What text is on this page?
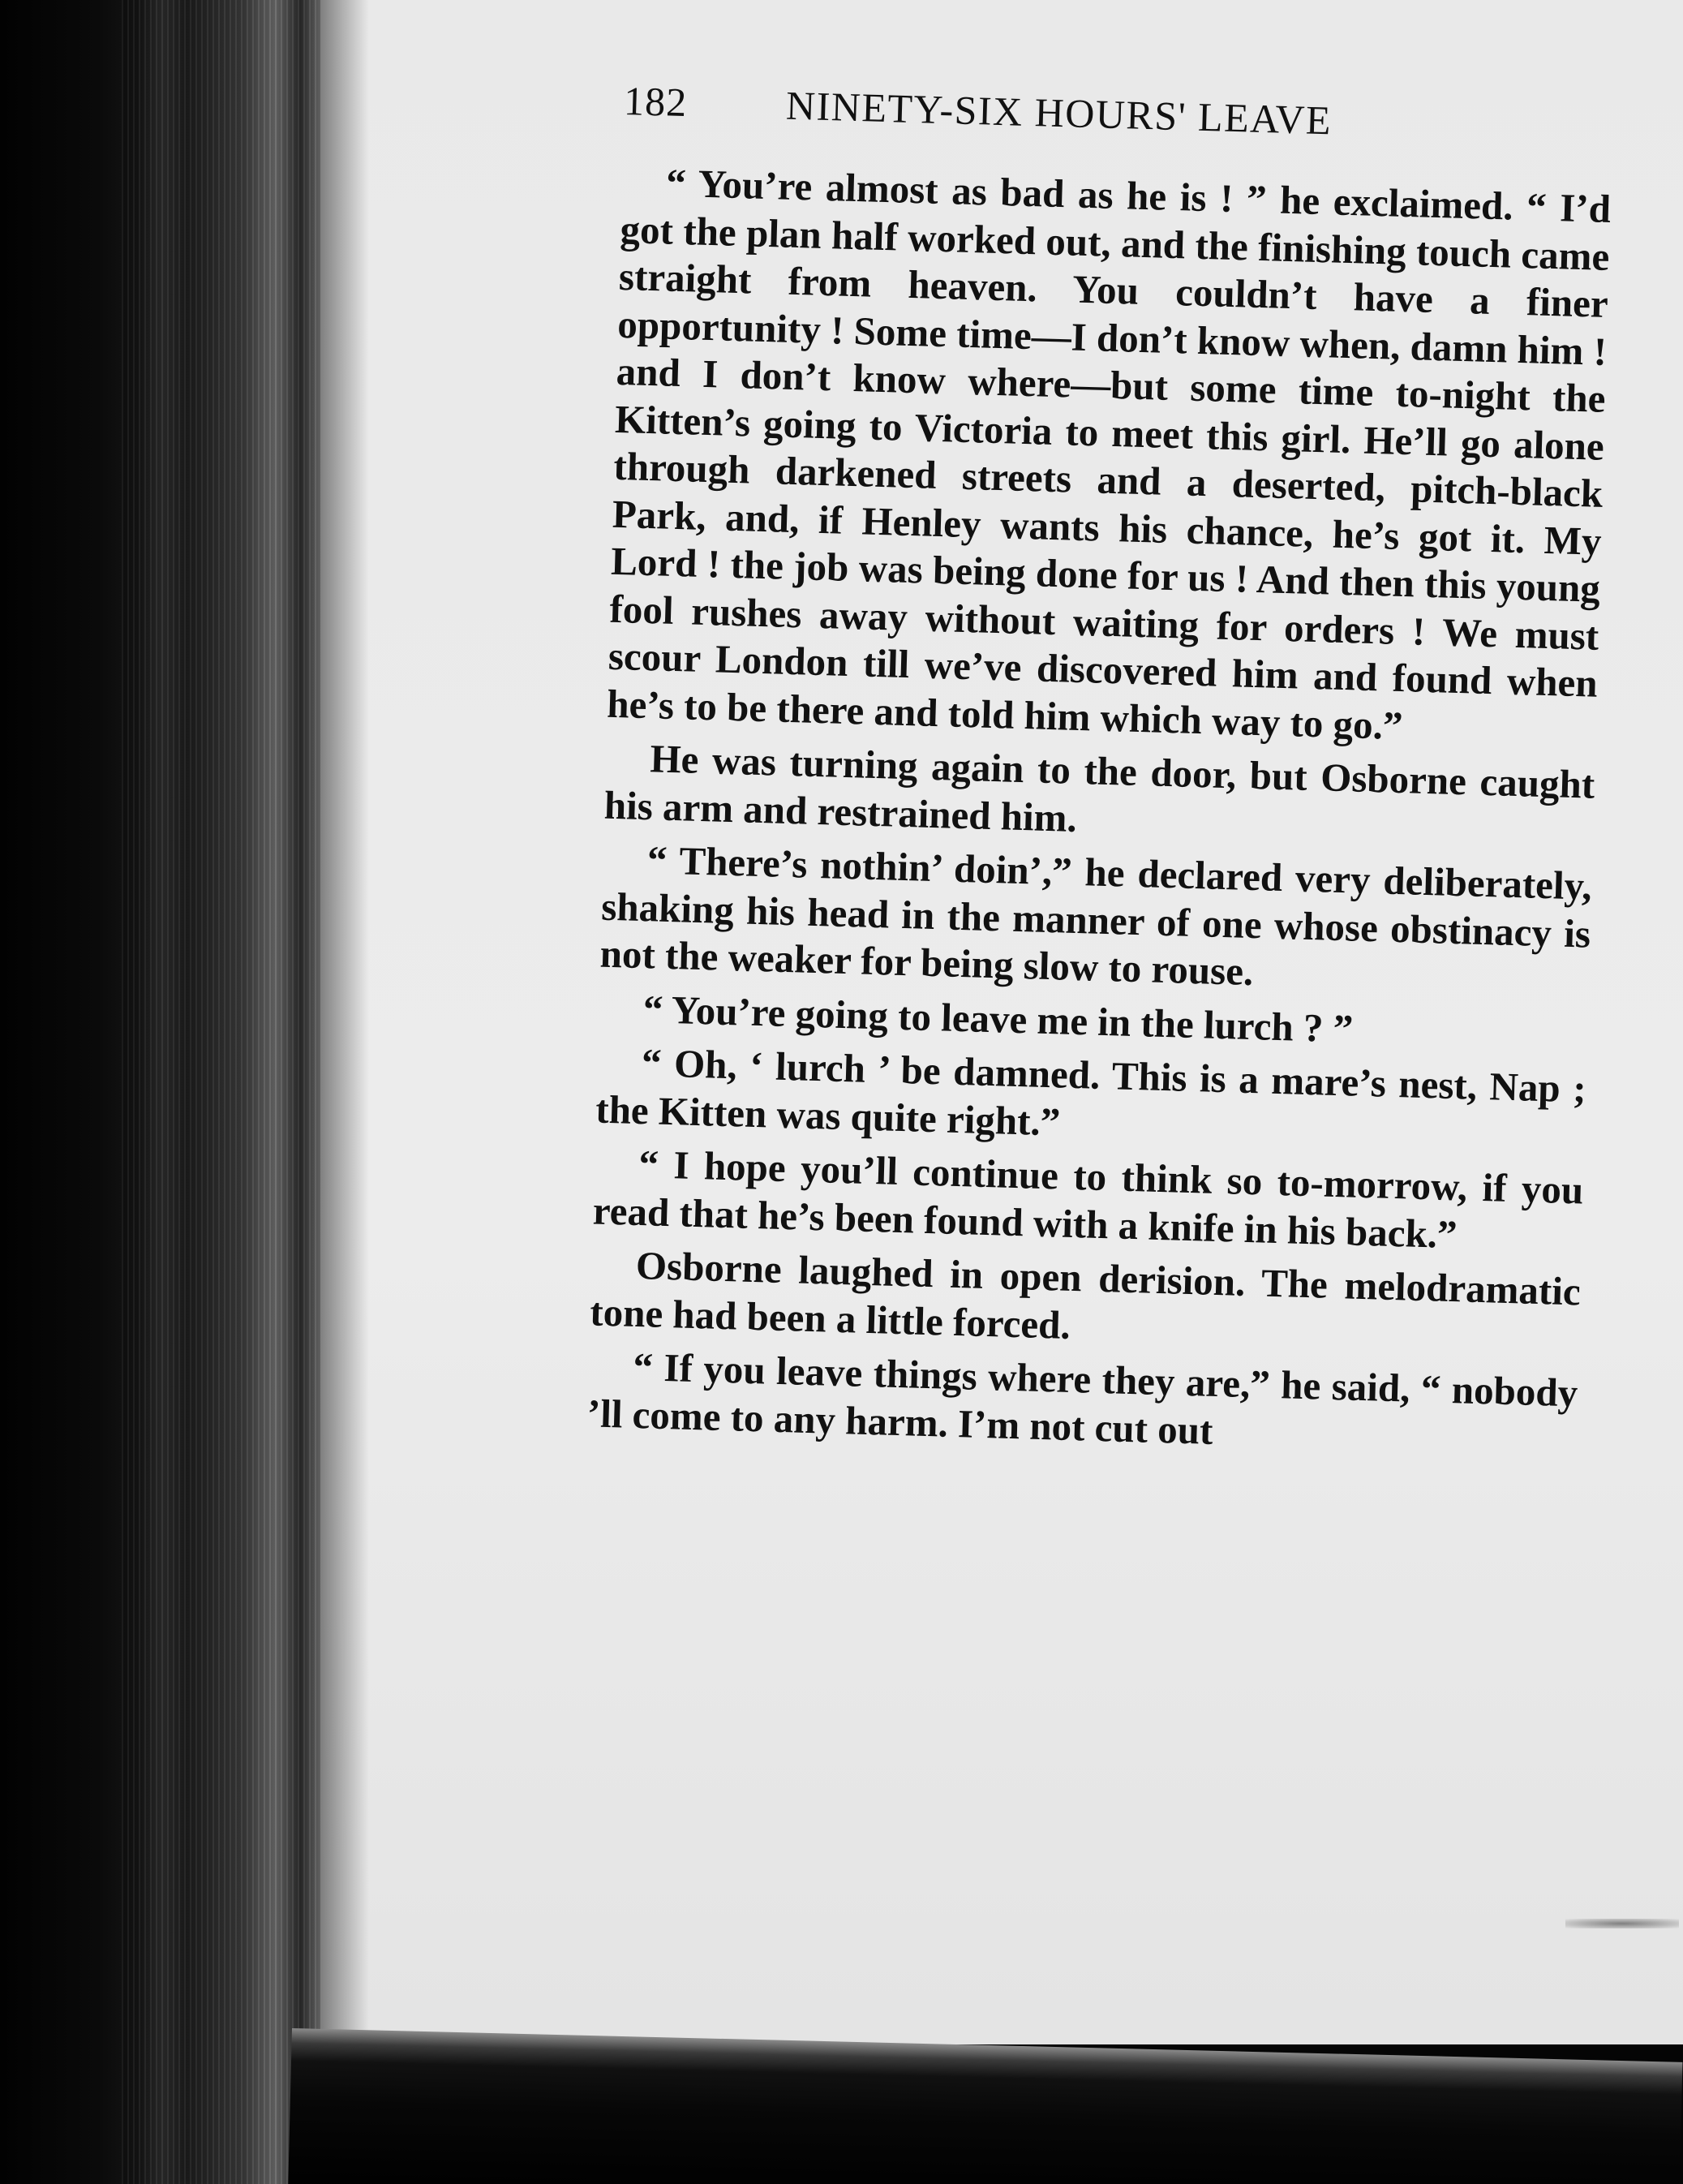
182	NINETY-SIX HOURS' LEAVE

“ You’re almost as bad as he is ! ” he exclaimed. “ I’d got the plan half worked out, and the finishing touch came straight from heaven. You couldn’t have a finer opportunity ! Some time—I don’t know when, damn him ! and I don’t know where—but some time to-night the Kitten’s going to Victoria to meet this girl. He’ll go alone through darkened streets and a deserted, pitch-black Park, and, if Henley wants his chance, he’s got it. My Lord ! the job was being done for us ! And then this young fool rushes away without waiting for orders ! We must scour London till we’ve discovered him and found when he’s to be there and told him which way to go.”

He was turning again to the door, but Osborne caught his arm and restrained him.

“ There’s nothin’ doin’,” he declared very deliberately, shaking his head in the manner of one whose obstinacy is not the weaker for being slow to rouse.

“ You’re going to leave me in the lurch ? ”

“ Oh, ‘ lurch ’ be damned. This is a mare’s nest, Nap ; the Kitten was quite right.”

“ I hope you’ll continue to think so to-morrow, if you read that he’s been found with a knife in his back.”

Osborne laughed in open derision. The melodramatic tone had been a little forced.

“ If you leave things where they are,” he said, “ nobody ’ll come to any harm. I’m not cut out
